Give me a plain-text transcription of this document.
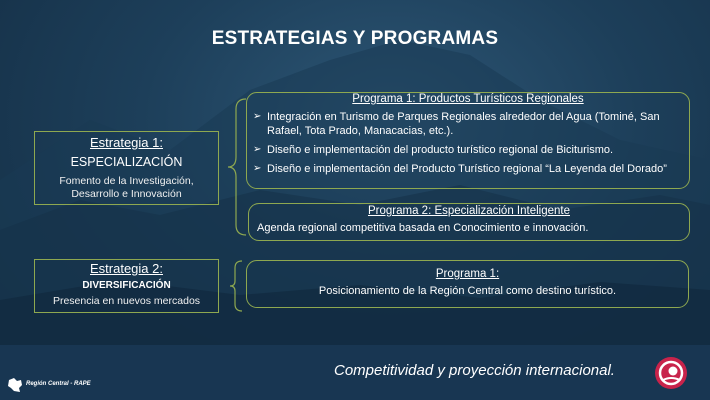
ESTRATEGIAS Y PROGRAMAS
Estrategia 1:
ESPECIALIZACIÓN
Fomento de la Investigación, Desarrollo e Innovación
Programa 1: Productos Turísticos Regionales
➢ Integración en Turismo de Parques Regionales alrededor del Agua (Tominé, San Rafael, Tota Prado, Manacacias, etc.).
➢ Diseño e implementación del producto turístico regional de Biciturismo.
➢ Diseño e implementación del Producto Turístico regional “La Leyenda del Dorado”
Programa 2: Especialización Inteligente
Agenda regional competitiva basada en Conocimiento e innovación.
Estrategia 2:
DIVERSIFICACIÓN
Presencia en nuevos mercados
Programa 1:
Posicionamiento de la Región Central como destino turístico.
Región Central - RAPE
Competitividad y proyección internacional.
